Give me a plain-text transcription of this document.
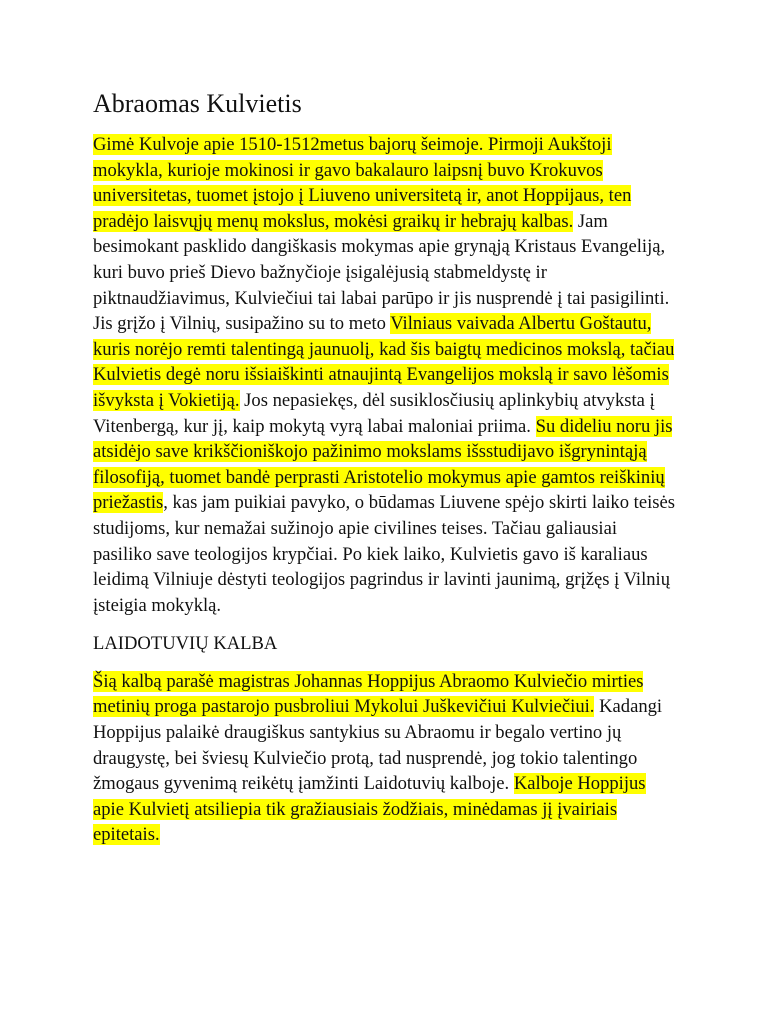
Abraomas Kulvietis

Gimė Kulvoje apie 1510-1512metus bajorų šeimoje. Pirmoji Aukštoji mokykla, kurioje mokinosi ir gavo bakalauro laipsnį buvo Krokuvos universitetas, tuomet įstojo į Liuveno universitetą ir, anot Hoppijaus, ten pradėjo laisvųjų menų mokslus, mokėsi graikų ir hebrajų kalbas. Jam besimokant pasklido dangiškasis mokymas apie grynąją Kristaus Evangeliją, kuri buvo prieš Dievo bažnyčioje įsigalėjusią stabmeldystę ir piktnaudžiavimus, Kulviečiui tai labai parūpo ir jis nusprendė į tai pasigilinti. Jis grįžo į Vilnių, susipažino su to meto Vilniaus vaivada Albertu Goštautu, kuris norėjo remti talentingą jaunuolį, kad šis baigtų medicinos mokslą, tačiau Kulvietis degė noru išsiaiškinti atnaujintą Evangelijos mokslą ir savo lėšomis išvyksta į Vokietiją. Jos nepasiekęs, dėl susiklosčiusių aplinkybių atvyksta į Vitenbergą, kur jį, kaip mokytą vyrą labai maloniai priima. Su dideliu noru jis atsidėjo save krikščioniškojo pažinimo mokslams išsstudijavo išgrynintąją filosofiją, tuomet bandė perprasti Aristotelio mokymus apie gamtos reiškinių priežastis, kas jam puikiai pavyko, o būdamas Liuvene spėjo skirti laiko teisės studijoms, kur nemažai sužinojo apie civilines teises. Tačiau galiausiai pasiliko save teologijos krypčiai. Po kiek laiko, Kulvietis gavo iš karaliaus leidimą Vilniuje dėstyti teologijos pagrindus ir lavinti jaunimą, grįžęs į Vilnių įsteigia mokyklą.

LAIDOTUVIŲ KALBA

Šią kalbą parašė magistras Johannas Hoppijus Abraomo Kulviečio mirties metinių proga pastarojo pusbroliui Mykolui Juškevičiui Kulviečiui. Kadangi Hoppijus palaikė draugiškus santykius su Abraomu ir begalo vertino jų draugystę, bei šviesų Kulviečio protą, tad nusprendė, jog tokio talentingo žmogaus gyvenimą reikėtų įamžinti Laidotuvių kalboje. Kalboje Hoppijus apie Kulvietį atsiliepia tik gražiausiais žodžiais, minėdamas jį įvairiais epitetais.
